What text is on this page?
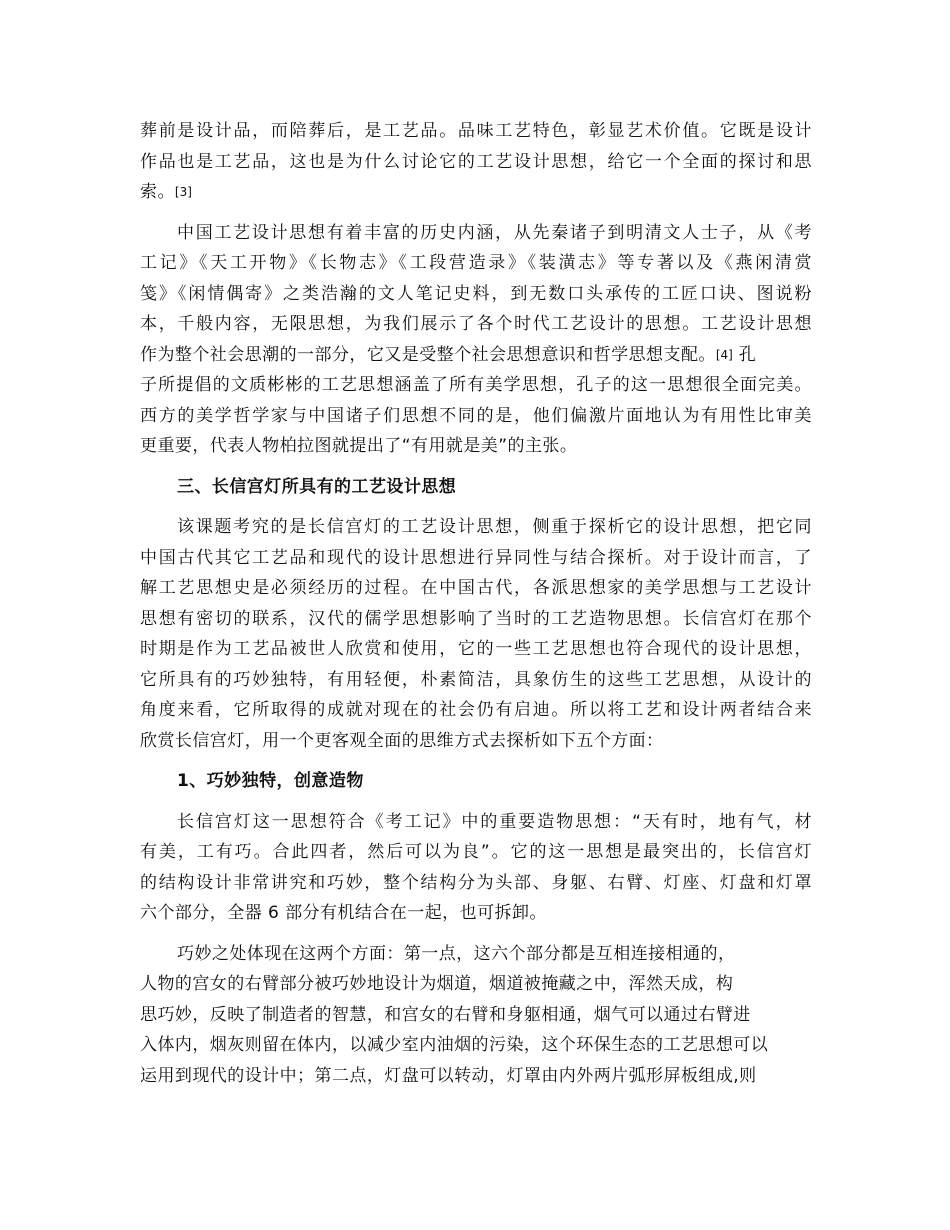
葬前是设计品，而陪葬后，是工艺品。品味工艺特色，彰显艺术价值。它既是设计
作品也是工艺品，这也是为什么讨论它的工艺设计思想，给它一个全面的探讨和思
索。[3]
中国工艺设计思想有着丰富的历史内涵，从先秦诸子到明清文人士子，从《考
工记》《天工开物》《长物志》《工段营造录》《装潢志》等专著以及《燕闲清赏
笺》《闲情偶寄》之类浩瀚的文人笔记史料，到无数口头承传的工匠口诀、图说粉
本，千般内容，无限思想，为我们展示了各个时代工艺设计的思想。工艺设计思想
作为整个社会思潮的一部分，它又是受整个社会思想意识和哲学思想支配。[4] 孔
子所提倡的文质彬彬的工艺思想涵盖了所有美学思想，孔子的这一思想很全面完美。
西方的美学哲学家与中国诸子们思想不同的是，他们偏激片面地认为有用性比审美
更重要，代表人物柏拉图就提出了“有用就是美”的主张。
三、长信宫灯所具有的工艺设计思想
该课题考究的是长信宫灯的工艺设计思想，侧重于探析它的设计思想，把它同
中国古代其它工艺品和现代的设计思想进行异同性与结合探析。对于设计而言，了
解工艺思想史是必须经历的过程。在中国古代，各派思想家的美学思想与工艺设计
思想有密切的联系，汉代的儒学思想影响了当时的工艺造物思想。长信宫灯在那个
时期是作为工艺品被世人欣赏和使用，它的一些工艺思想也符合现代的设计思想，
它所具有的巧妙独特，有用轻便，朴素简洁，具象仿生的这些工艺思想，从设计的
角度来看，它所取得的成就对现在的社会仍有启迪。所以将工艺和设计两者结合来
欣赏长信宫灯，用一个更客观全面的思维方式去探析如下五个方面：
1、巧妙独特，创意造物
长信宫灯这一思想符合《考工记》中的重要造物思想：“天有时，地有气，材
有美，工有巧。合此四者，然后可以为良”。它的这一思想是最突出的，长信宫灯
的结构设计非常讲究和巧妙，整个结构分为头部、身躯、右臂、灯座、灯盘和灯罩
六个部分，全器 6 部分有机结合在一起，也可拆卸。
巧妙之处体现在这两个方面：第一点，这六个部分都是互相连接相通的，
人物的宫女的右臂部分被巧妙地设计为烟道，烟道被掩藏之中，浑然天成，构
思巧妙，反映了制造者的智慧，和宫女的右臂和身躯相通，烟气可以通过右臂进
入体内，烟灰则留在体内，以减少室内油烟的污染，这个环保生态的工艺思想可以
运用到现代的设计中；第二点，灯盘可以转动，灯罩由内外两片弧形屏板组成,则
